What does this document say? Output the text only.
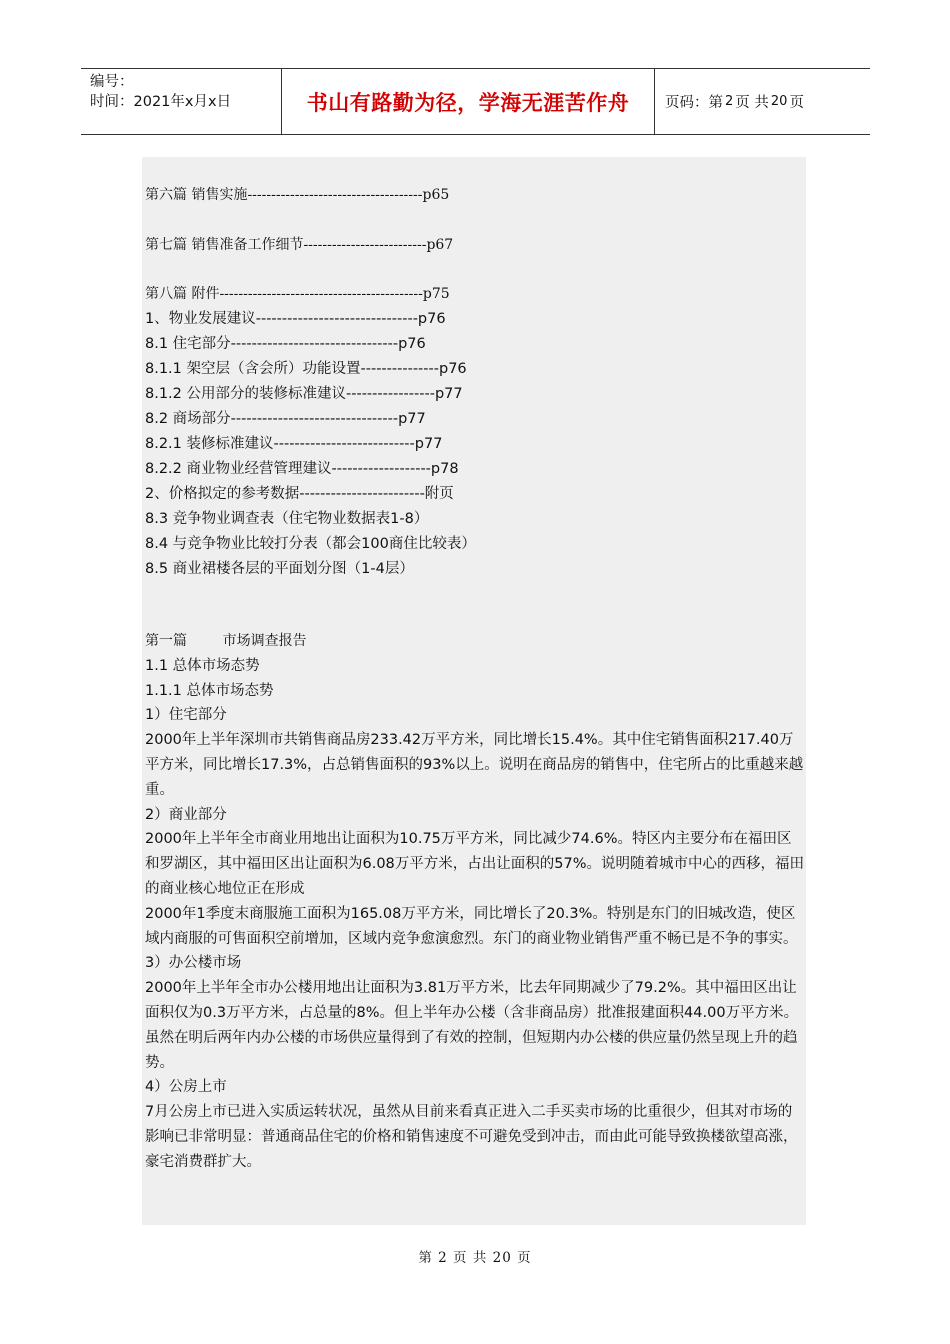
编号：
时间：2021年x月x日	书山有路勤为径，学海无涯苦作舟	页码：第 2 页 共 20 页
第六篇 销售实施-------------------------------------p65
第七篇 销售准备工作细节--------------------------p67
第八篇 附件-------------------------------------------p75
1、物业发展建议-------------------------------p76
8.1 住宅部分--------------------------------p76
8.1.1 架空层（含会所）功能设置---------------p76
8.1.2 公用部分的装修标准建议-----------------p77
8.2 商场部分--------------------------------p77
8.2.1 装修标准建议---------------------------p77
8.2.2 商业物业经营管理建议-------------------p78
2、价格拟定的参考数据------------------------附页
8.3 竞争物业调查表（住宅物业数据表1-8）
8.4 与竞争物业比较打分表（都会100商住比较表）
8.5 商业裙楼各层的平面划分图（1-4层）
第一篇        市场调查报告
1.1 总体市场态势
1.1.1 总体市场态势
1）住宅部分
2000年上半年深圳市共销售商品房233.42万平方米，同比增长15.4%。其中住宅销售面积217.40万平方米，同比增长17.3%，占总销售面积的93%以上。说明在商品房的销售中，住宅所占的比重越来越重。
2）商业部分
2000年上半年全市商业用地出让面积为10.75万平方米，同比减少74.6%。特区内主要分布在福田区和罗湖区，其中福田区出让面积为6.08万平方米，占出让面积的57%。说明随着城市中心的西移，福田的商业核心地位正在形成
2000年1季度末商服施工面积为165.08万平方米，同比增长了20.3%。特别是东门的旧城改造，使区域内商服的可售面积空前增加，区域内竞争愈演愈烈。东门的商业物业销售严重不畅已是不争的事实。
3）办公楼市场
2000年上半年全市办公楼用地出让面积为3.81万平方米，比去年同期减少了79.2%。其中福田区出让面积仅为0.3万平方米，占总量的8%。但上半年办公楼（含非商品房）批准报建面积44.00万平方米。
虽然在明后两年内办公楼的市场供应量得到了有效的控制，但短期内办公楼的供应量仍然呈现上升的趋势。
4）公房上市
7月公房上市已进入实质运转状况，虽然从目前来看真正进入二手买卖市场的比重很少，但其对市场的影响已非常明显：普通商品住宅的价格和销售速度不可避免受到冲击，而由此可能导致换楼欲望高涨，豪宅消费群扩大。
第 2 页 共 20 页
